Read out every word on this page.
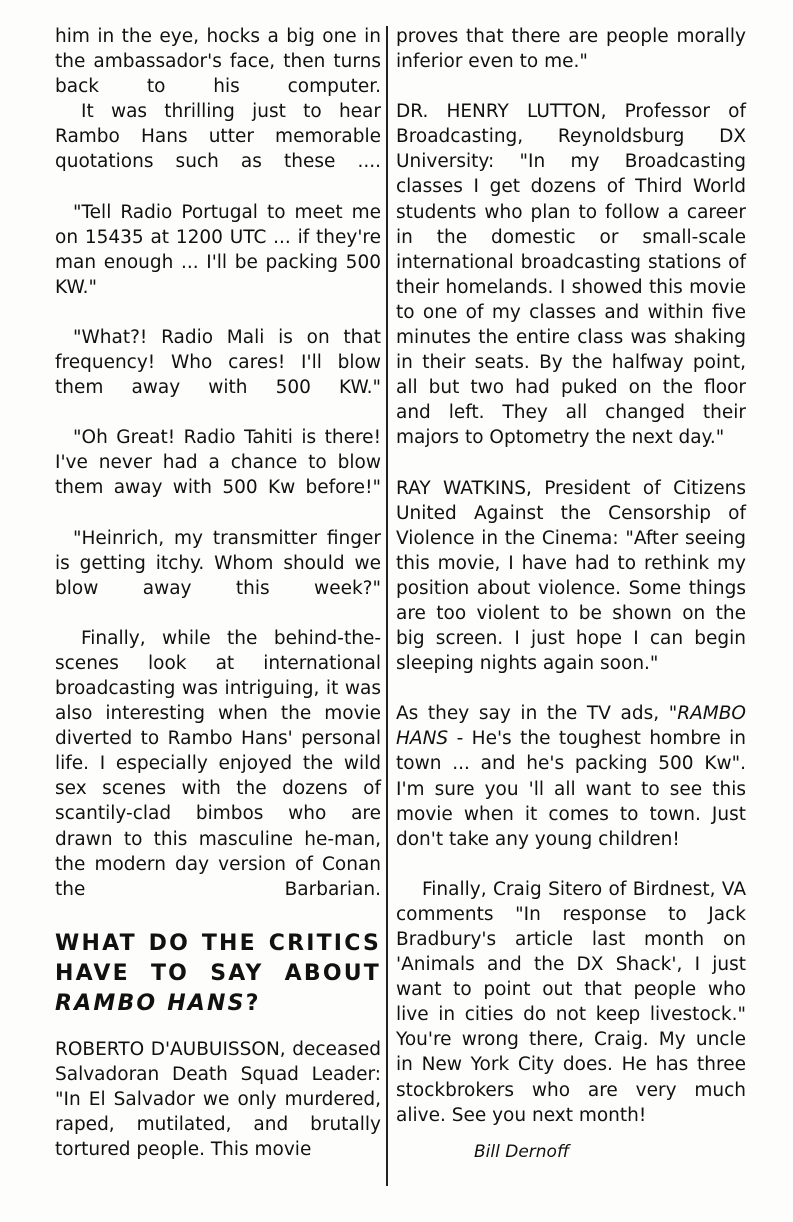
him in the eye, hocks a big one in the ambassador's face, then turns back to his computer.

It was thrilling just to hear Rambo Hans utter memorable quotations such as these ....

"Tell Radio Portugal to meet me on 15435 at 1200 UTC ... if they're man enough ... I'll be packing 500 KW."

"What?! Radio Mali is on that frequency! Who cares! I'll blow them away with 500 KW."

"Oh Great! Radio Tahiti is there! I've never had a chance to blow them away with 500 Kw before!"

"Heinrich, my transmitter finger is getting itchy. Whom should we blow away this week?"

Finally, while the behind-the-scenes look at international broadcasting was intriguing, it was also interesting when the movie diverted to Rambo Hans' personal life. I especially enjoyed the wild sex scenes with the dozens of scantily-clad bimbos who are drawn to this masculine he-man, the modern day version of Conan the Barbarian.

WHAT DO THE CRITICS HAVE TO SAY ABOUT RAMBO HANS?

ROBERTO D'AUBUISSON, deceased Salvadoran Death Squad Leader: "In El Salvador we only murdered, raped, mutilated, and brutally tortured people. This movie

proves that there are people morally inferior even to me."

DR. HENRY LUTTON, Professor of Broadcasting, Reynoldsburg DX University: "In my Broadcasting classes I get dozens of Third World students who plan to follow a career in the domestic or small-scale international broadcasting stations of their homelands. I showed this movie to one of my classes and within five minutes the entire class was shaking in their seats. By the halfway point, all but two had puked on the floor and left. They all changed their majors to Optometry the next day."

RAY WATKINS, President of Citizens United Against the Censorship of Violence in the Cinema: "After seeing this movie, I have had to rethink my position about violence. Some things are too violent to be shown on the big screen. I just hope I can begin sleeping nights again soon."

As they say in the TV ads, "RAMBO HANS - He's the toughest hombre in town ... and he's packing 500 Kw". I'm sure you 'll all want to see this movie when it comes to town. Just don't take any young children!

Finally, Craig Sitero of Birdnest, VA comments "In response to Jack Bradbury's article last month on 'Animals and the DX Shack', I just want to point out that people who live in cities do not keep livestock." You're wrong there, Craig. My uncle in New York City does. He has three stockbrokers who are very much alive. See you next month!

Bill Dernoff
